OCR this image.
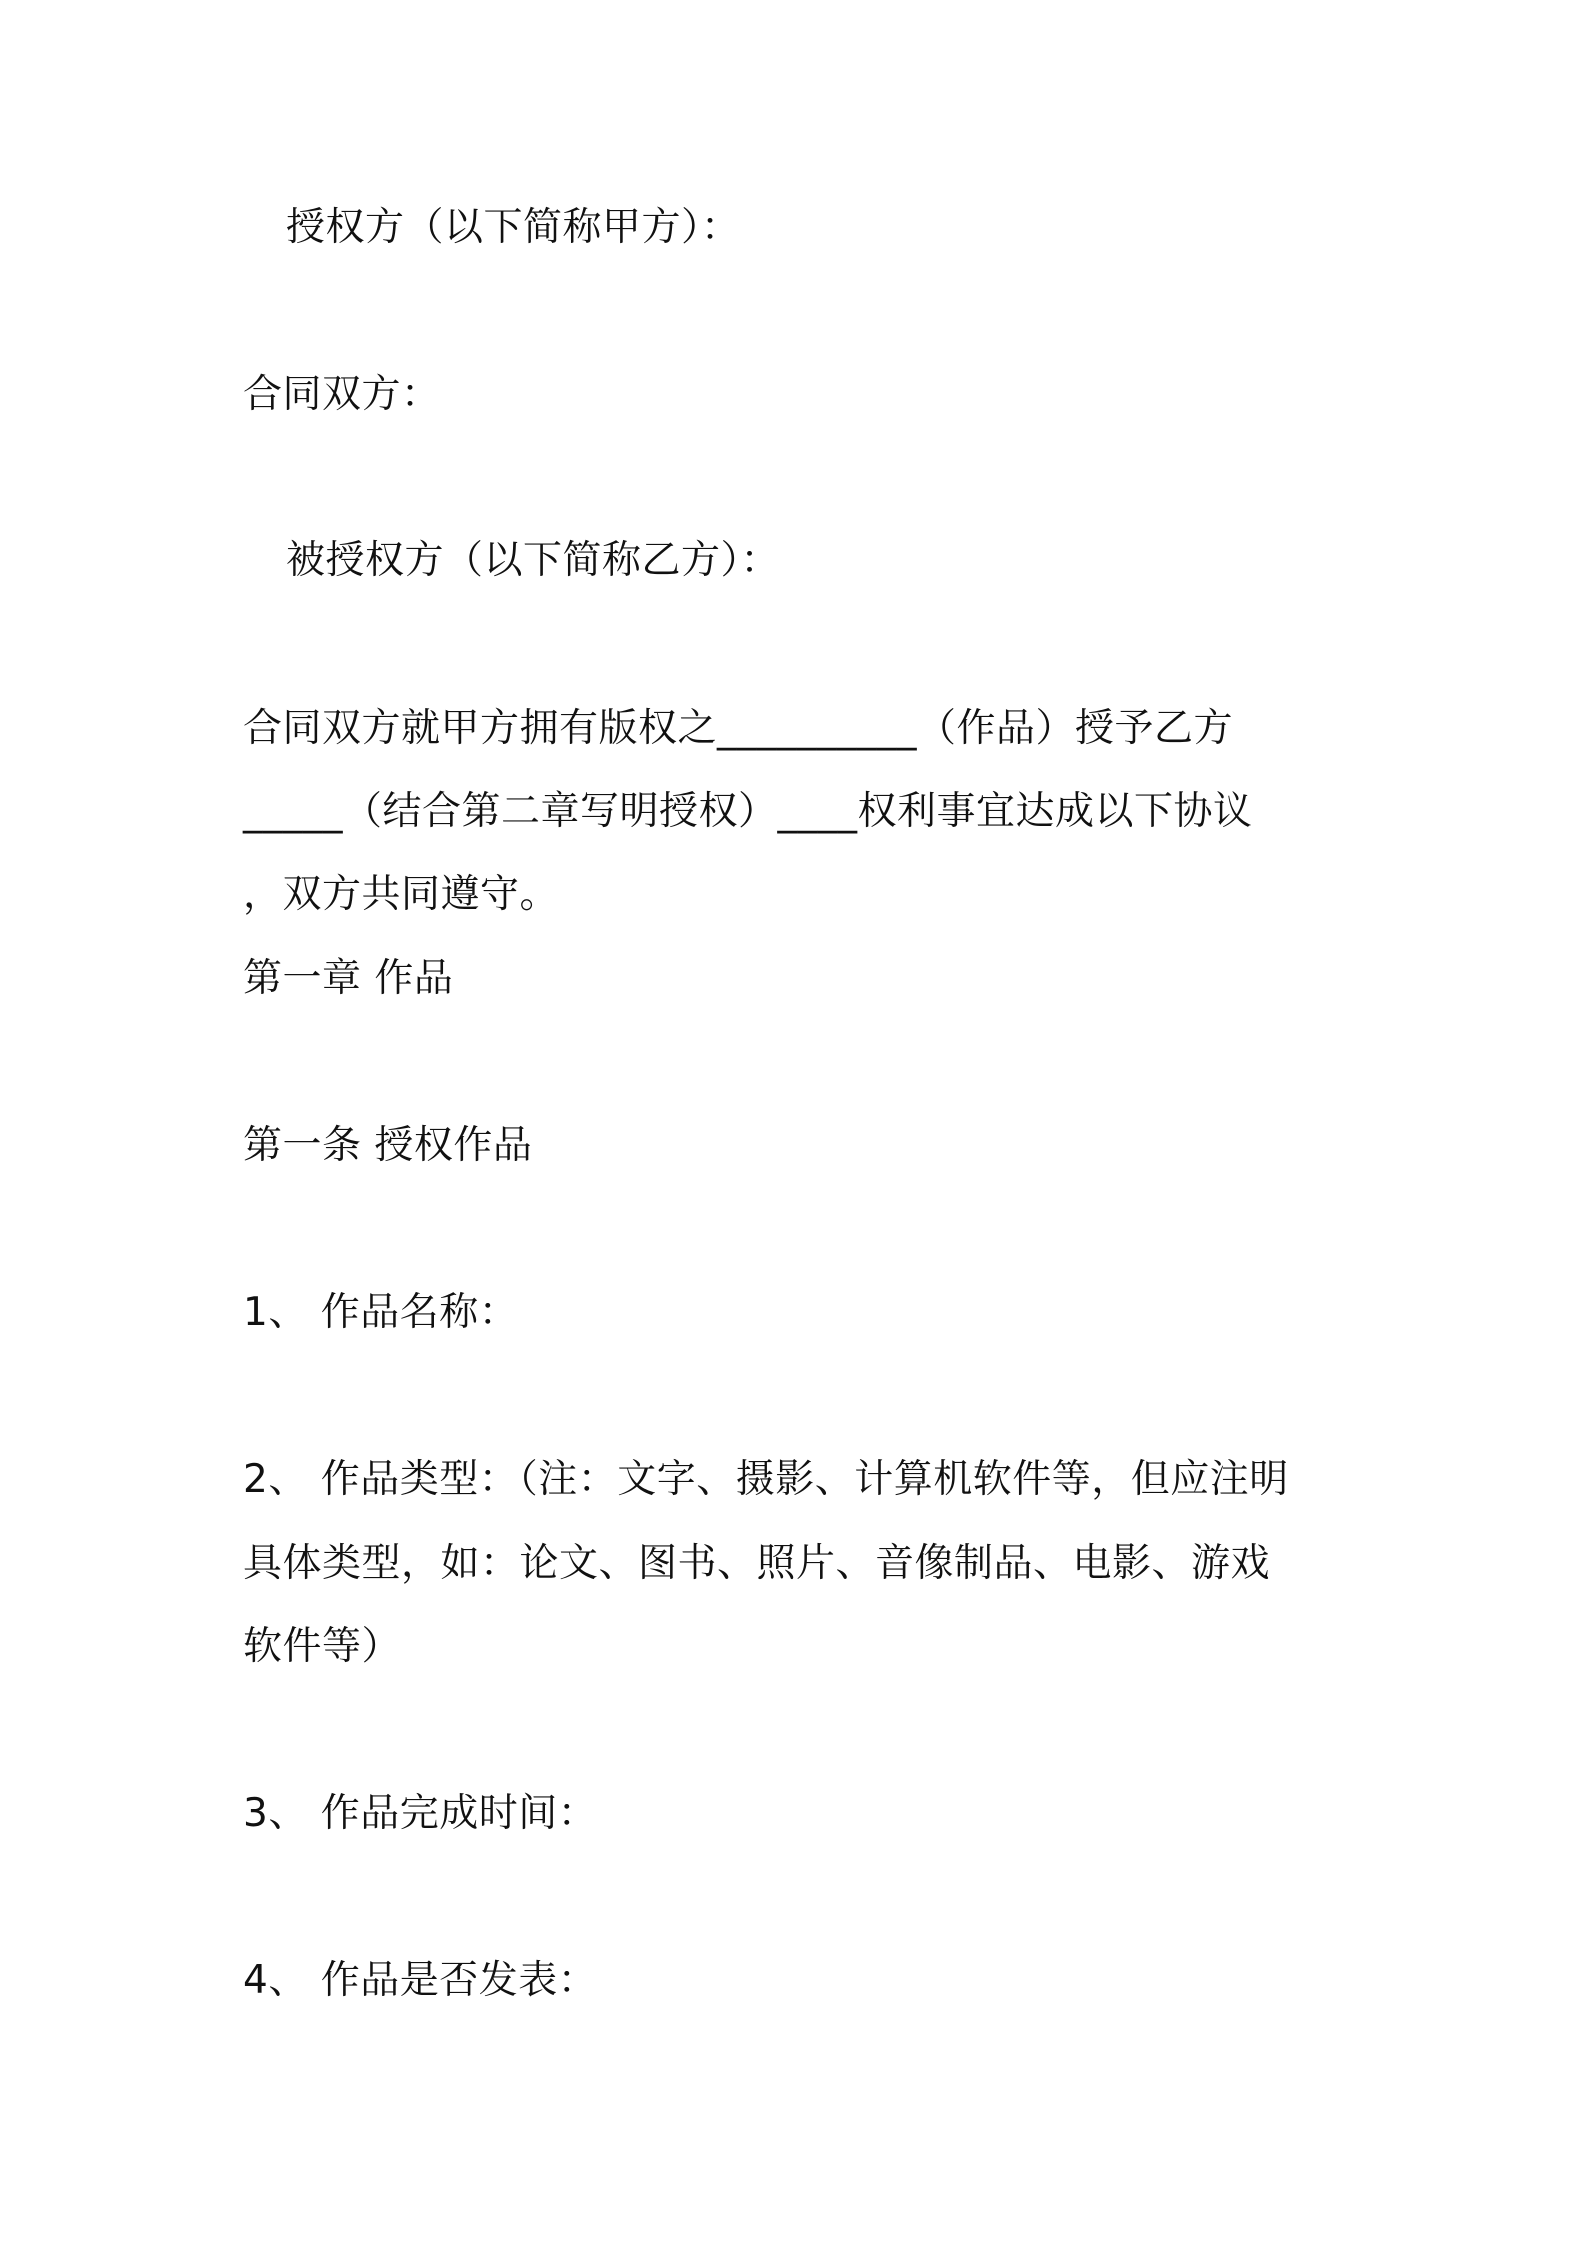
授权方（以下简称甲方）：
合同双方：
被授权方（以下简称乙方）：
合同双方就甲方拥有版权之__________（作品）授予乙方
_____（结合第二章写明授权）____权利事宜达成以下协议
，双方共同遵守。
第一章 作品
第一条 授权作品
1、 作品名称：
2、 作品类型：（注：文字、摄影、计算机软件等，但应注明
具体类型，如：论文、图书、照片、音像制品、电影、游戏
软件等）
3、 作品完成时间：
4、 作品是否发表：
